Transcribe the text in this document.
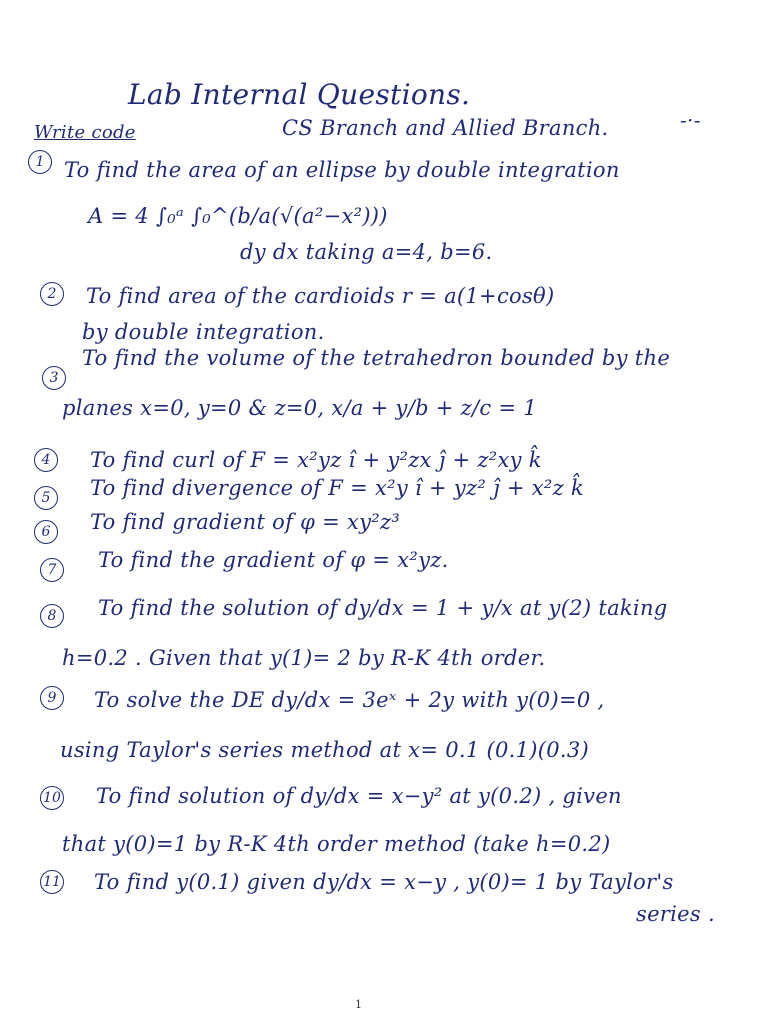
Lab Internal Questions.
Write code	CS Branch and Allied Branch.	-·-
1 To find the area of an ellipse by double integration
A = 4 ∫₀ᵃ ∫₀^(b/a(√(a²−x²)))
dy dx taking a=4, b=6.
2	To find area of the cardioids r = a(1+cosθ)
by double integration.
3
To find the volume of the tetrahedron bounded by the
planes x=0, y=0 & z=0, x/a + y/b + z/c = 1
4	To find curl of F = x²yz î + y²zx ĵ + z²xy k̂
5	To find divergence of F = x²y î + yz² ĵ + x²z k̂
6	To find gradient of φ = xy²z³
7	To find the gradient of φ = x²yz.
8	To find the solution of dy/dx = 1 + y/x at y(2) taking
h=0.2 . Given that y(1)= 2 by R-K 4th order.
9	To solve the DE dy/dx = 3eˣ + 2y with y(0)=0 ,
using Taylor's series method at x= 0.1 (0.1)(0.3)
10 To find solution of dy/dx = x−y² at y(0.2) , given
that y(0)=1 by R-K 4th order method (take h=0.2)
11 To find y(0.1) given dy/dx = x−y , y(0)= 1 by Taylor's
series .
1
